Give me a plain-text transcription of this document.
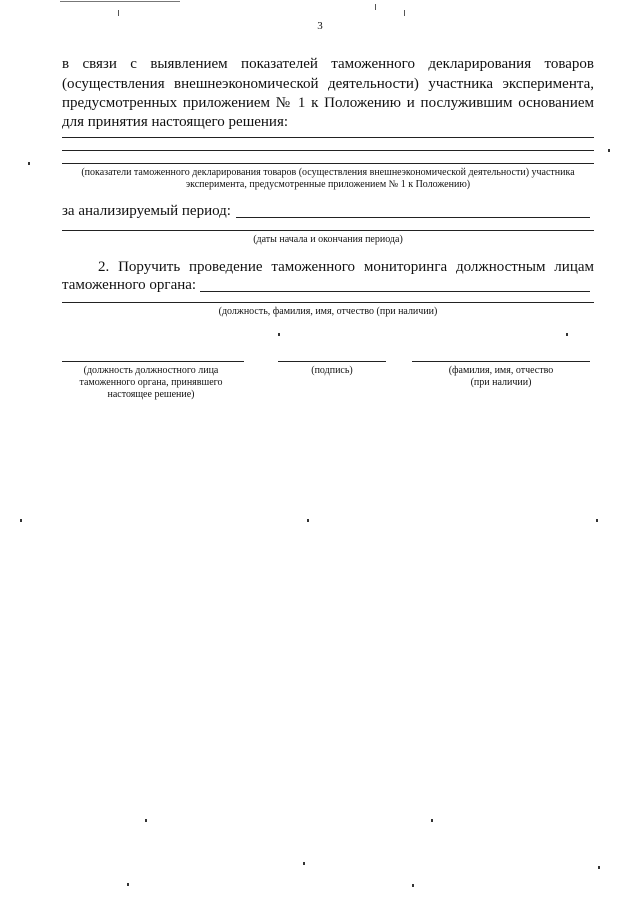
3
в связи с выявлением показателей таможенного декларирования товаров
(осуществления внешнеэкономической деятельности) участника эксперимента,
предусмотренных приложением № 1 к Положению и послужившим основанием
для принятия настоящего решения:
(показатели таможенного декларирования товаров (осуществления внешнеэкономической деятельности) участника
эксперимента, предусмотренные приложением № 1 к Положению)
за анализируемый период:
(даты начала и окончания периода)
2. Поручить проведение таможенного мониторинга должностным лицам
таможенного органа:
(должность, фамилия, имя, отчество (при наличии)
(должность должностного лица
таможенного органа, принявшего
настоящее решение)
(подпись)	(фамилия, имя, отчество
(при наличии)
